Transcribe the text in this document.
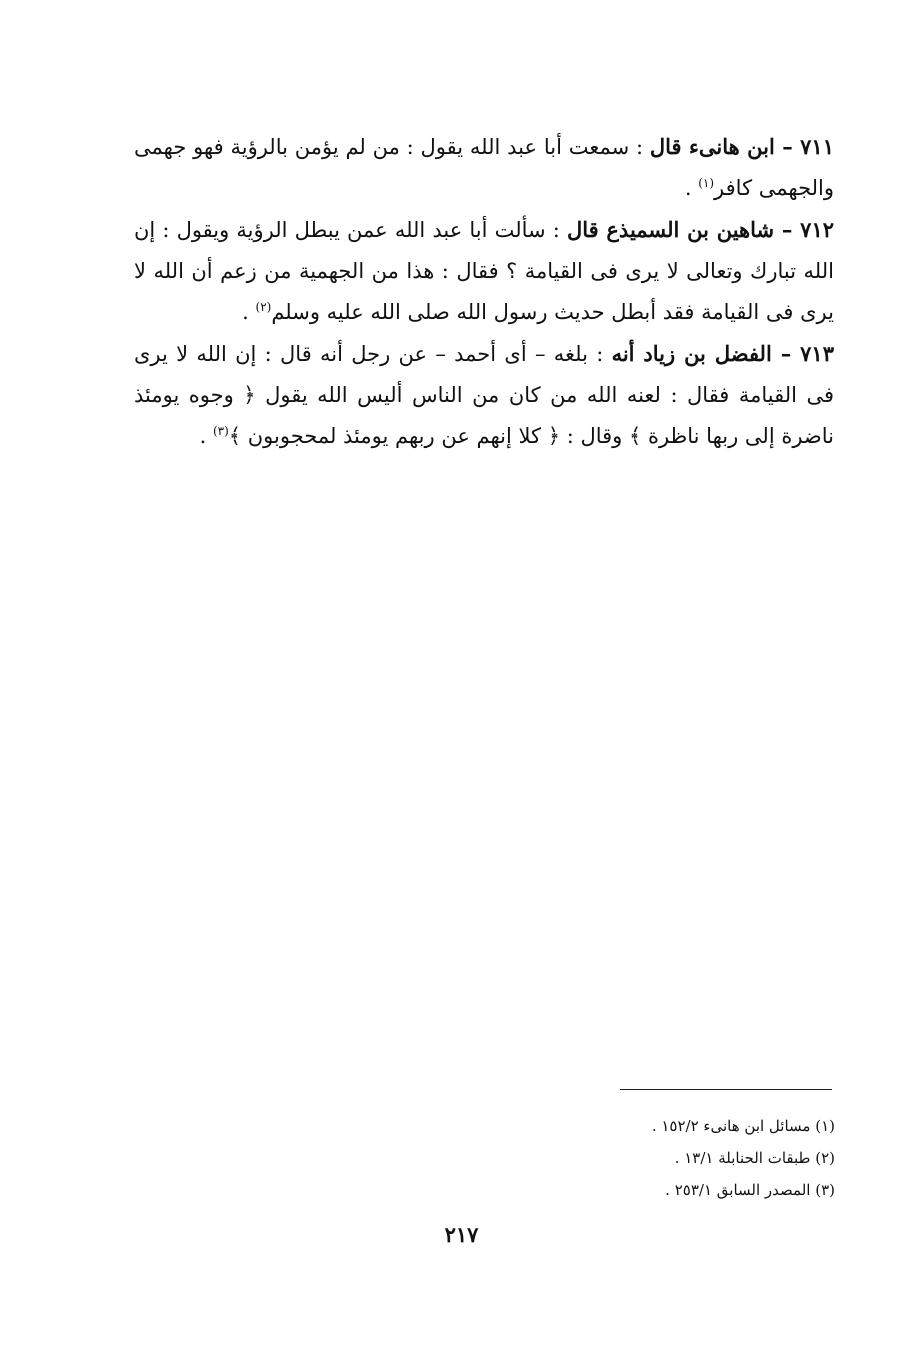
٧١١ – ابن هانىء قال : سمعت أبا عبد الله يقول : من لم يؤمن بالرؤية فهو جهمى والجهمى كافر$^{(١)}$ .

٧١٢ – شاهين بن السميذع قال : سألت أبا عبد الله عمن يبطل الرؤية ويقول : إن الله تبارك وتعالى لا يرى فى القيامة ؟ فقال : هذا من الجهمية من زعم أن الله لا يرى فى القيامة فقد أبطل حديث رسول الله صلى الله عليه وسلم$^{(٢)}$ .

٧١٣ – الفضل بن زياد أنه : بلغه – أى أحمد – عن رجل أنه قال : إن الله لا يرى فى القيامة فقال : لعنه الله من كان من الناس أليس الله يقول ﴿ وجوه يومئذ ناضرة إلى ربها ناظرة ﴾ وقال : ﴿ كلا إنهم عن ربهم يومئذ لمحجوبون ﴾$^{(٣)}$ .

(١) مسائل ابن هانىء ١٥٢/٢ .
(٢) طبقات الحنابلة ١٣/١ .
(٣) المصدر السابق ٢٥٣/١ .
٢١٧
